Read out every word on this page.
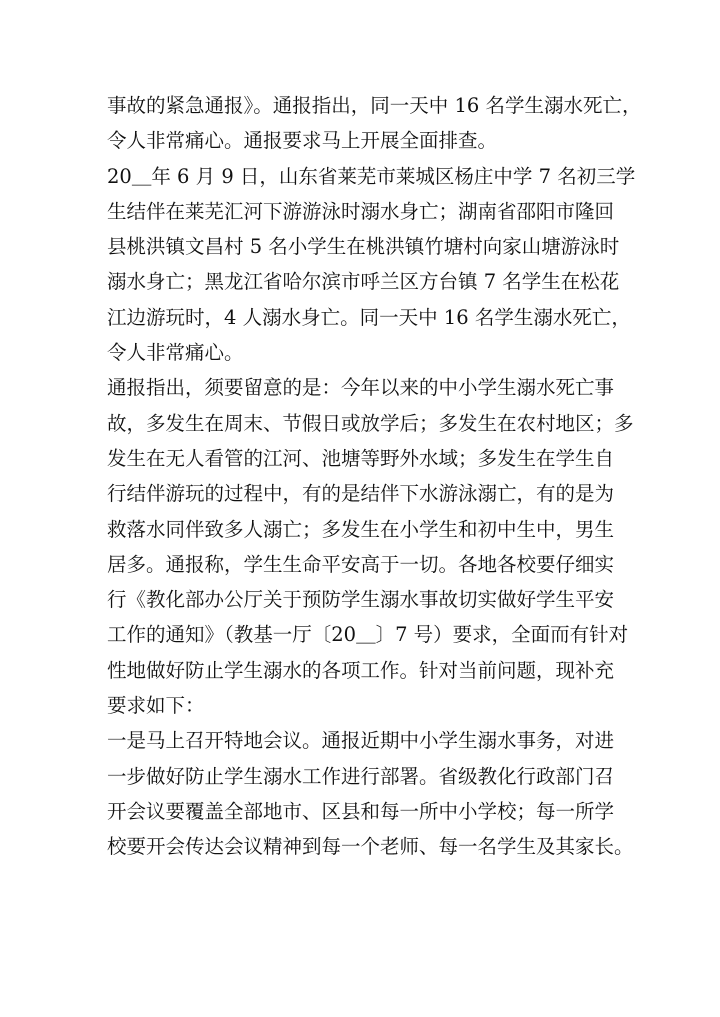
事故的紧急通报》。通报指出，同一天中 16 名学生溺水死亡，
令人非常痛心。通报要求马上开展全面排查。
20＿年 6 月 9 日，山东省莱芜市莱城区杨庄中学 7 名初三学
生结伴在莱芜汇河下游游泳时溺水身亡；湖南省邵阳市隆回
县桃洪镇文昌村 5 名小学生在桃洪镇竹塘村向家山塘游泳时
溺水身亡；黑龙江省哈尔滨市呼兰区方台镇 7 名学生在松花
江边游玩时，4 人溺水身亡。同一天中 16 名学生溺水死亡，
令人非常痛心。
通报指出，须要留意的是：今年以来的中小学生溺水死亡事
故，多发生在周末、节假日或放学后；多发生在农村地区；多
发生在无人看管的江河、池塘等野外水域；多发生在学生自
行结伴游玩的过程中，有的是结伴下水游泳溺亡，有的是为
救落水同伴致多人溺亡；多发生在小学生和初中生中，男生
居多。通报称，学生生命平安高于一切。各地各校要仔细实
行《教化部办公厅关于预防学生溺水事故切实做好学生平安
工作的通知》（教基一厅〔20＿〕7 号）要求，全面而有针对
性地做好防止学生溺水的各项工作。针对当前问题，现补充
要求如下：
一是马上召开特地会议。通报近期中小学生溺水事务，对进
一步做好防止学生溺水工作进行部署。省级教化行政部门召
开会议要覆盖全部地市、区县和每一所中小学校；每一所学
校要开会传达会议精神到每一个老师、每一名学生及其家长。
